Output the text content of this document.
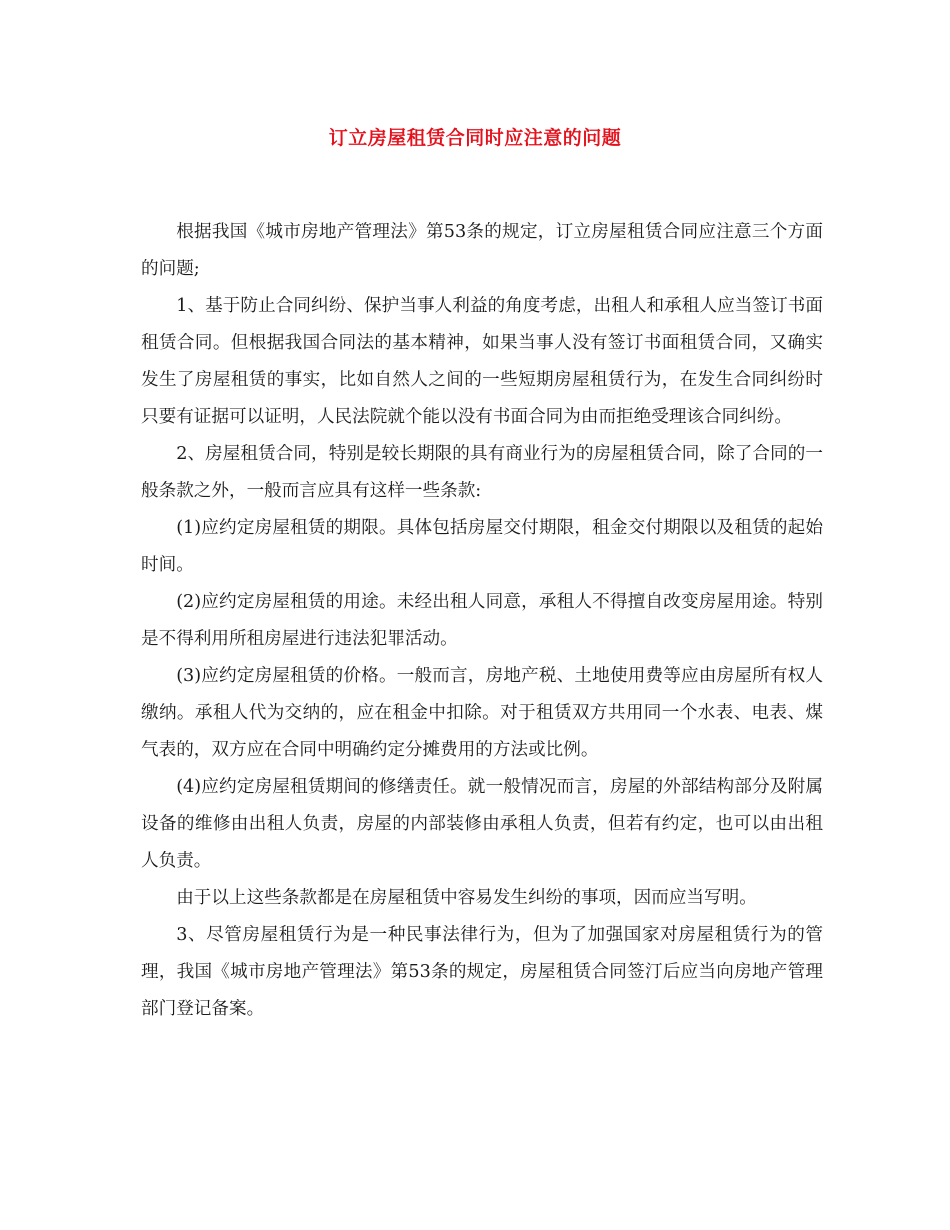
订立房屋租赁合同时应注意的问题

根据我国《城市房地产管理法》第53条的规定，订立房屋租赁合同应注意三个方面的问题;

1、基于防止合同纠纷、保护当事人利益的角度考虑，出租人和承租人应当签订书面租赁合同。但根据我国合同法的基本精神，如果当事人没有签订书面租赁合同，又确实发生了房屋租赁的事实，比如自然人之间的一些短期房屋租赁行为，在发生合同纠纷时只要有证据可以证明，人民法院就个能以没有书面合同为由而拒绝受理该合同纠纷。

2、房屋租赁合同，特别是较长期限的具有商业行为的房屋租赁合同，除了合同的一般条款之外，一般而言应具有这样一些条款:

(1)应约定房屋租赁的期限。具体包括房屋交付期限，租金交付期限以及租赁的起始时间。

(2)应约定房屋租赁的用途。未经出租人同意，承租人不得擅自改变房屋用途。特别是不得利用所租房屋进行违法犯罪活动。

(3)应约定房屋租赁的价格。一般而言，房地产税、土地使用费等应由房屋所有权人缴纳。承租人代为交纳的，应在租金中扣除。对于租赁双方共用同一个水表、电表、煤气表的，双方应在合同中明确约定分摊费用的方法或比例。

(4)应约定房屋租赁期间的修缮责任。就一般情况而言，房屋的外部结构部分及附属设备的维修由出租人负责，房屋的内部装修由承租人负责，但若有约定，也可以由出租人负责。

由于以上这些条款都是在房屋租赁中容易发生纠纷的事项，因而应当写明。

3、尽管房屋租赁行为是一种民事法律行为，但为了加强国家对房屋租赁行为的管理，我国《城市房地产管理法》第53条的规定，房屋租赁合同签汀后应当向房地产管理部门登记备案。
